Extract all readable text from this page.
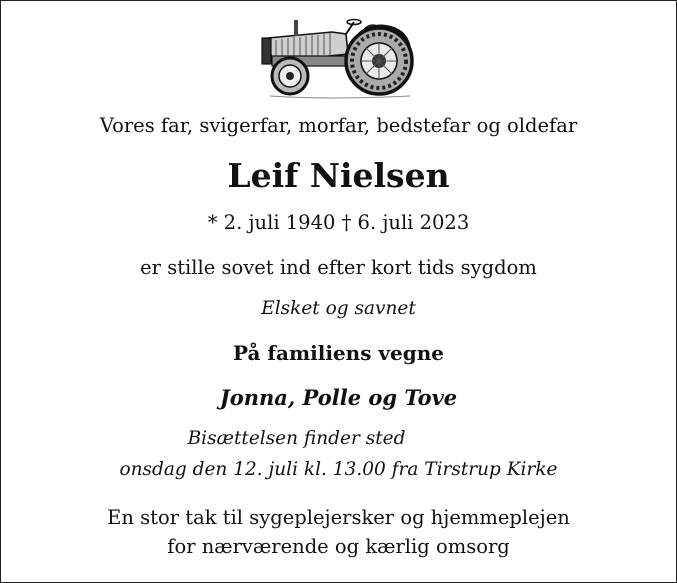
Vores far, svigerfar, morfar, bedstefar og oldefar
Leif Nielsen
* 2. juli 1940 † 6. juli 2023
er stille sovet ind efter kort tids sygdom
Elsket og savnet
På familiens vegne
Jonna, Polle og Tove
Bisættelsen finder sted
onsdag den 12. juli kl. 13.00 fra Tirstrup Kirke
En stor tak til sygeplejersker og hjemmeplejen
for nærværende og kærlig omsorg
